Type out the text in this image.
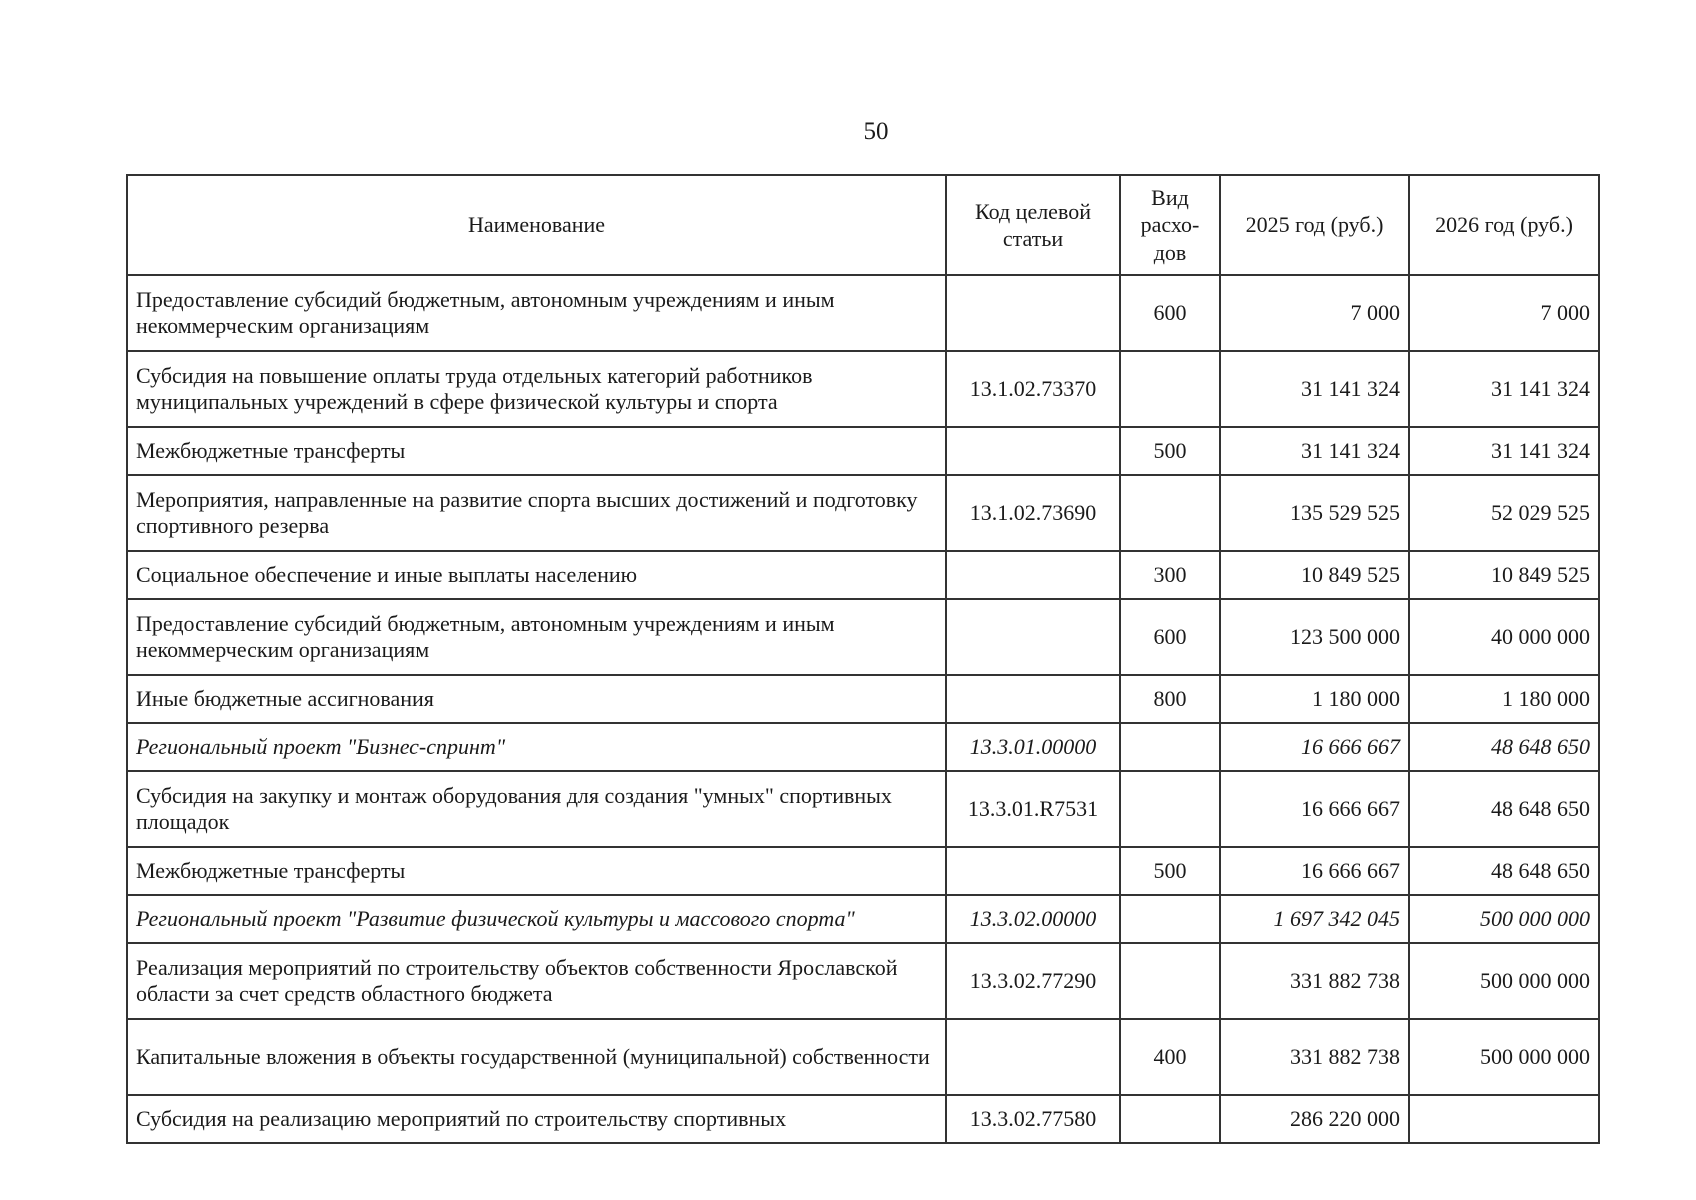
50
Наименование	Код целевой статьи	Вид расхо-дов	2025 год (руб.)	2026 год (руб.)
Предоставление субсидий бюджетным, автономным учреждениям и иным некоммерческим организациям		600	7 000	7 000
Субсидия на повышение оплаты труда отдельных категорий работников муниципальных учреждений в сфере физической культуры и спорта	13.1.02.73370		31 141 324	31 141 324
Межбюджетные трансферты		500	31 141 324	31 141 324
Мероприятия, направленные на развитие спорта высших достижений и подготовку спортивного резерва	13.1.02.73690		135 529 525	52 029 525
Социальное обеспечение и иные выплаты населению		300	10 849 525	10 849 525
Предоставление субсидий бюджетным, автономным учреждениям и иным некоммерческим организациям		600	123 500 000	40 000 000
Иные бюджетные ассигнования		800	1 180 000	1 180 000
Региональный проект "Бизнес-спринт"	13.3.01.00000		16 666 667	48 648 650
Субсидия на закупку и монтаж оборудования для создания "умных" спортивных площадок	13.3.01.R7531		16 666 667	48 648 650
Межбюджетные трансферты		500	16 666 667	48 648 650
Региональный проект "Развитие физической культуры и массового спорта"	13.3.02.00000		1 697 342 045	500 000 000
Реализация мероприятий по строительству объектов собственности Ярославской области за счет средств областного бюджета	13.3.02.77290		331 882 738	500 000 000
Капитальные вложения в объекты государственной (муниципальной) собственности		400	331 882 738	500 000 000
Субсидия на реализацию мероприятий по строительству спортивных	13.3.02.77580		286 220 000	
